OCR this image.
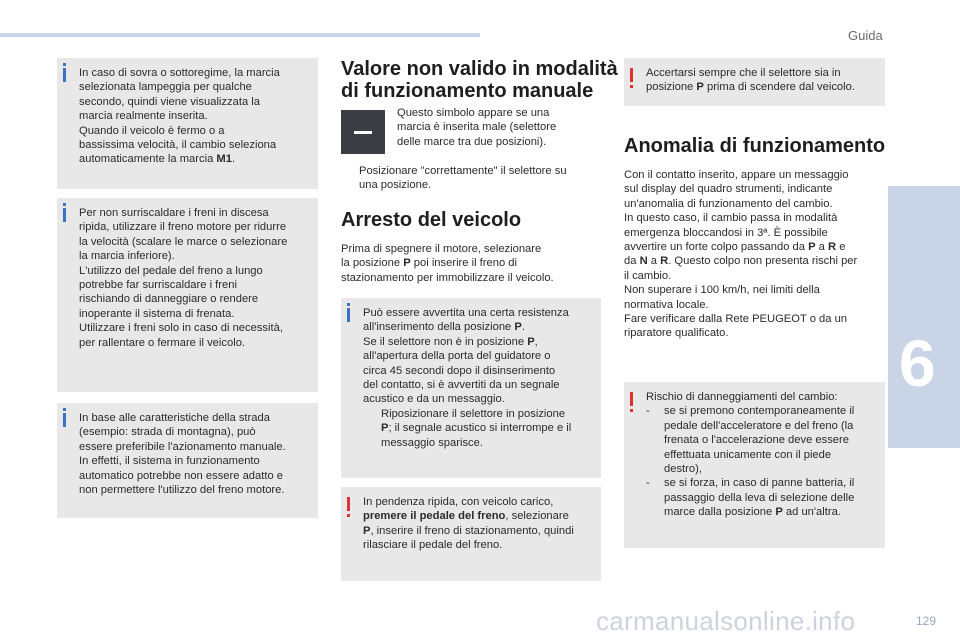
Guida
6
carmanualsonline.info	129

In caso di sovra o sottoregime, la marcia

selezionata lampeggia per qualche

secondo, quindi viene visualizzata la

marcia realmente inserita.

Quando il veicolo è fermo o a

bassissima velocità, il cambio seleziona

automaticamente la marcia M1.

Per non surriscaldare i freni in discesa

ripida, utilizzare il freno motore per ridurre

la velocità (scalare le marce o selezionare

la marcia inferiore).

L'utilizzo del pedale del freno a lungo

potrebbe far surriscaldare i freni

rischiando di danneggiare o rendere

inoperante il sistema di frenata.

Utilizzare i freni solo in caso di necessità,

per rallentare o fermare il veicolo.

In base alle caratteristiche della strada

(esempio: strada di montagna), può

essere preferibile l'azionamento manuale.

In effetti, il sistema in funzionamento

automatico potrebbe non essere adatto e

non permettere l'utilizzo del freno motore.

Valore non valido in modalità
di funzionamento manuale

Questo simbolo appare se una

marcia è inserita male (selettore

delle marce tra due posizioni).

Posizionare "correttamente" il selettore su

una posizione.

Arresto del veicolo

Prima di spegnere il motore, selezionare

la posizione P poi inserire il freno di

stazionamento per immobilizzare il veicolo.

Può essere avvertita una certa resistenza

all'inserimento della posizione P.

Se il selettore non è in posizione P,

all'apertura della porta del guidatore o

circa 45 secondi dopo il disinserimento

del contatto, si è avvertiti da un segnale

acustico e da un messaggio.

Riposizionare il selettore in posizione

P; il segnale acustico si interrompe e il

messaggio sparisce.

In pendenza ripida, con veicolo carico,

premere il pedale del freno, selezionare

P, inserire il freno di stazionamento, quindi

rilasciare il pedale del freno.

Accertarsi sempre che il selettore sia in

posizione P prima di scendere dal veicolo.

Anomalia di funzionamento

Con il contatto inserito, appare un messaggio

sul display del quadro strumenti, indicante

un'anomalia di funzionamento del cambio.

In questo caso, il cambio passa in modalità

emergenza bloccandosi in 3ª. È possibile

avvertire un forte colpo passando da P a R e

da N a R. Questo colpo non presenta rischi per

il cambio.

Non superare i 100 km/h, nei limiti della

normativa locale.

Fare verificare dalla Rete PEUGEOT o da un

riparatore qualificato.

Rischio di danneggiamenti del cambio:

- se si premono contemporaneamente il

pedale dell'acceleratore e del freno (la

frenata o l'accelerazione deve essere

effettuata unicamente con il piede

destro),

- se si forza, in caso di panne batteria, il

passaggio della leva di selezione delle

marce dalla posizione P ad un'altra.
